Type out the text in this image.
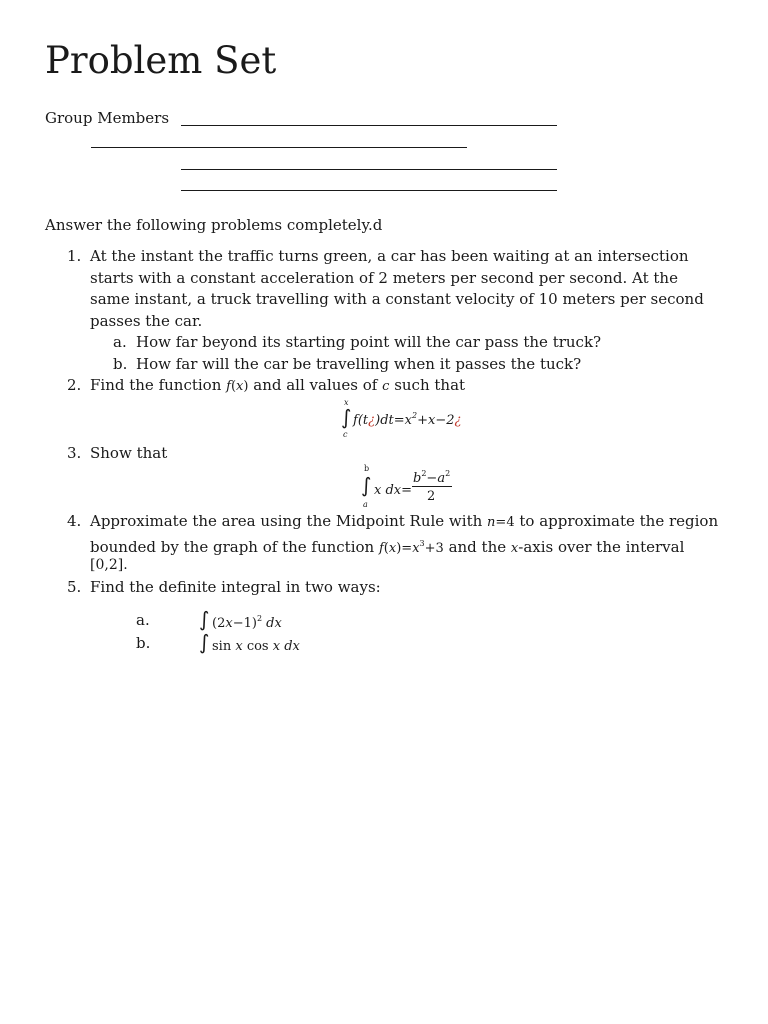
Problem Set
Group Members
Answer the following problems completely.d
1. At the instant the traffic turns green, a car has been waiting at an intersection
starts with a constant acceleration of 2 meters per second per second. At the
same instant, a truck travelling with a constant velocity of 10 meters per second
passes the car.
a. How far beyond its starting point will the car pass the truck?
b. How far will the car be travelling when it passes the tuck?
2. Find the function f(x) and all values of c such that
x
∫
c
$f(t¿)dt=x^2+x-2¿$
3. Show that
b
∫
a
x dx=
$b^2-a^2$
2
4. Approximate the area using the Midpoint Rule with n=4 to approximate the region
bounded by the graph of the function $f(x)=x^3+3$ and the x-axis over the interval
[0,2].
5. Find the definite integral in two ways:
a. ∫ $(2x-1)^2$ dx
b. ∫ sin x cos x dx
